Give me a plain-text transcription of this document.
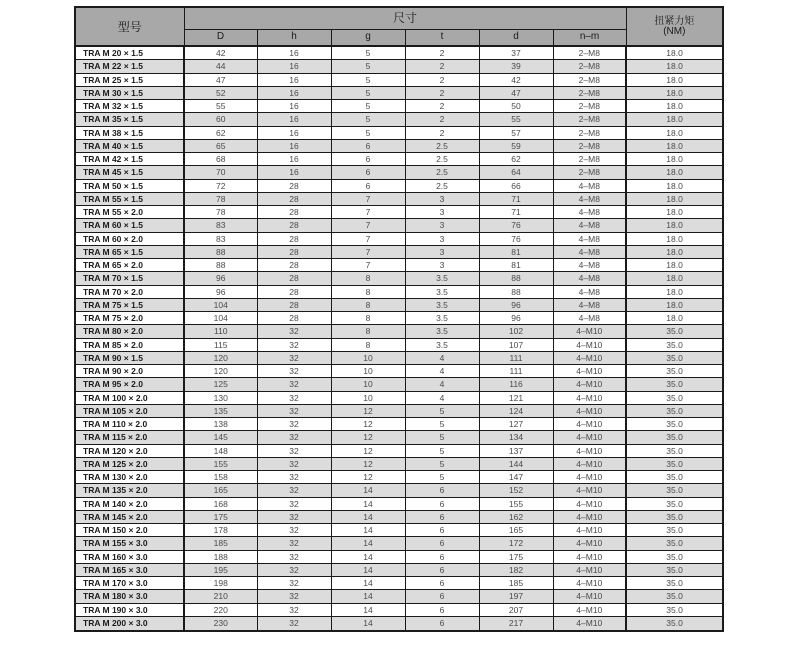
型号	尺寸						扭紧力矩
(NM)
	D	h	g	t	d	n–m	
TRA M 20 × 1.5	42	16	5	2	37	2–M8	18.0
TRA M 22 × 1.5	44	16	5	2	39	2–M8	18.0
TRA M 25 × 1.5	47	16	5	2	42	2–M8	18.0
TRA M 30 × 1.5	52	16	5	2	47	2–M8	18.0
TRA M 32 × 1.5	55	16	5	2	50	2–M8	18.0
TRA M 35 × 1.5	60	16	5	2	55	2–M8	18.0
TRA M 38 × 1.5	62	16	5	2	57	2–M8	18.0
TRA M 40 × 1.5	65	16	6	2.5	59	2–M8	18.0
TRA M 42 × 1.5	68	16	6	2.5	62	2–M8	18.0
TRA M 45 × 1.5	70	16	6	2.5	64	2–M8	18.0
TRA M 50 × 1.5	72	28	6	2.5	66	4–M8	18.0
TRA M 55 × 1.5	78	28	7	3	71	4–M8	18.0
TRA M 55 × 2.0	78	28	7	3	71	4–M8	18.0
TRA M 60 × 1.5	83	28	7	3	76	4–M8	18.0
TRA M 60 × 2.0	83	28	7	3	76	4–M8	18.0
TRA M 65 × 1.5	88	28	7	3	81	4–M8	18.0
TRA M 65 × 2.0	88	28	7	3	81	4–M8	18.0
TRA M 70 × 1.5	96	28	8	3.5	88	4–M8	18.0
TRA M 70 × 2.0	96	28	8	3.5	88	4–M8	18.0
TRA M 75 × 1.5	104	28	8	3.5	96	4–M8	18.0
TRA M 75 × 2.0	104	28	8	3.5	96	4–M8	18.0
TRA M 80 × 2.0	110	32	8	3.5	102	4–M10	35.0
TRA M 85 × 2.0	115	32	8	3.5	107	4–M10	35.0
TRA M 90 × 1.5	120	32	10	4	111	4–M10	35.0
TRA M 90 × 2.0	120	32	10	4	111	4–M10	35.0
TRA M 95 × 2.0	125	32	10	4	116	4–M10	35.0
TRA M 100 × 2.0	130	32	10	4	121	4–M10	35.0
TRA M 105 × 2.0	135	32	12	5	124	4–M10	35.0
TRA M 110 × 2.0	138	32	12	5	127	4–M10	35.0
TRA M 115 × 2.0	145	32	12	5	134	4–M10	35.0
TRA M 120 × 2.0	148	32	12	5	137	4–M10	35.0
TRA M 125 × 2.0	155	32	12	5	144	4–M10	35.0
TRA M 130 × 2.0	158	32	12	5	147	4–M10	35.0
TRA M 135 × 2.0	165	32	14	6	152	4–M10	35.0
TRA M 140 × 2.0	168	32	14	6	155	4–M10	35.0
TRA M 145 × 2.0	175	32	14	6	162	4–M10	35.0
TRA M 150 × 2.0	178	32	14	6	165	4–M10	35.0
TRA M 155 × 3.0	185	32	14	6	172	4–M10	35.0
TRA M 160 × 3.0	188	32	14	6	175	4–M10	35.0
TRA M 165 × 3.0	195	32	14	6	182	4–M10	35.0
TRA M 170 × 3.0	198	32	14	6	185	4–M10	35.0
TRA M 180 × 3.0	210	32	14	6	197	4–M10	35.0
TRA M 190 × 3.0	220	32	14	6	207	4–M10	35.0
TRA M 200 × 3.0	230	32	14	6	217	4–M10	35.0
